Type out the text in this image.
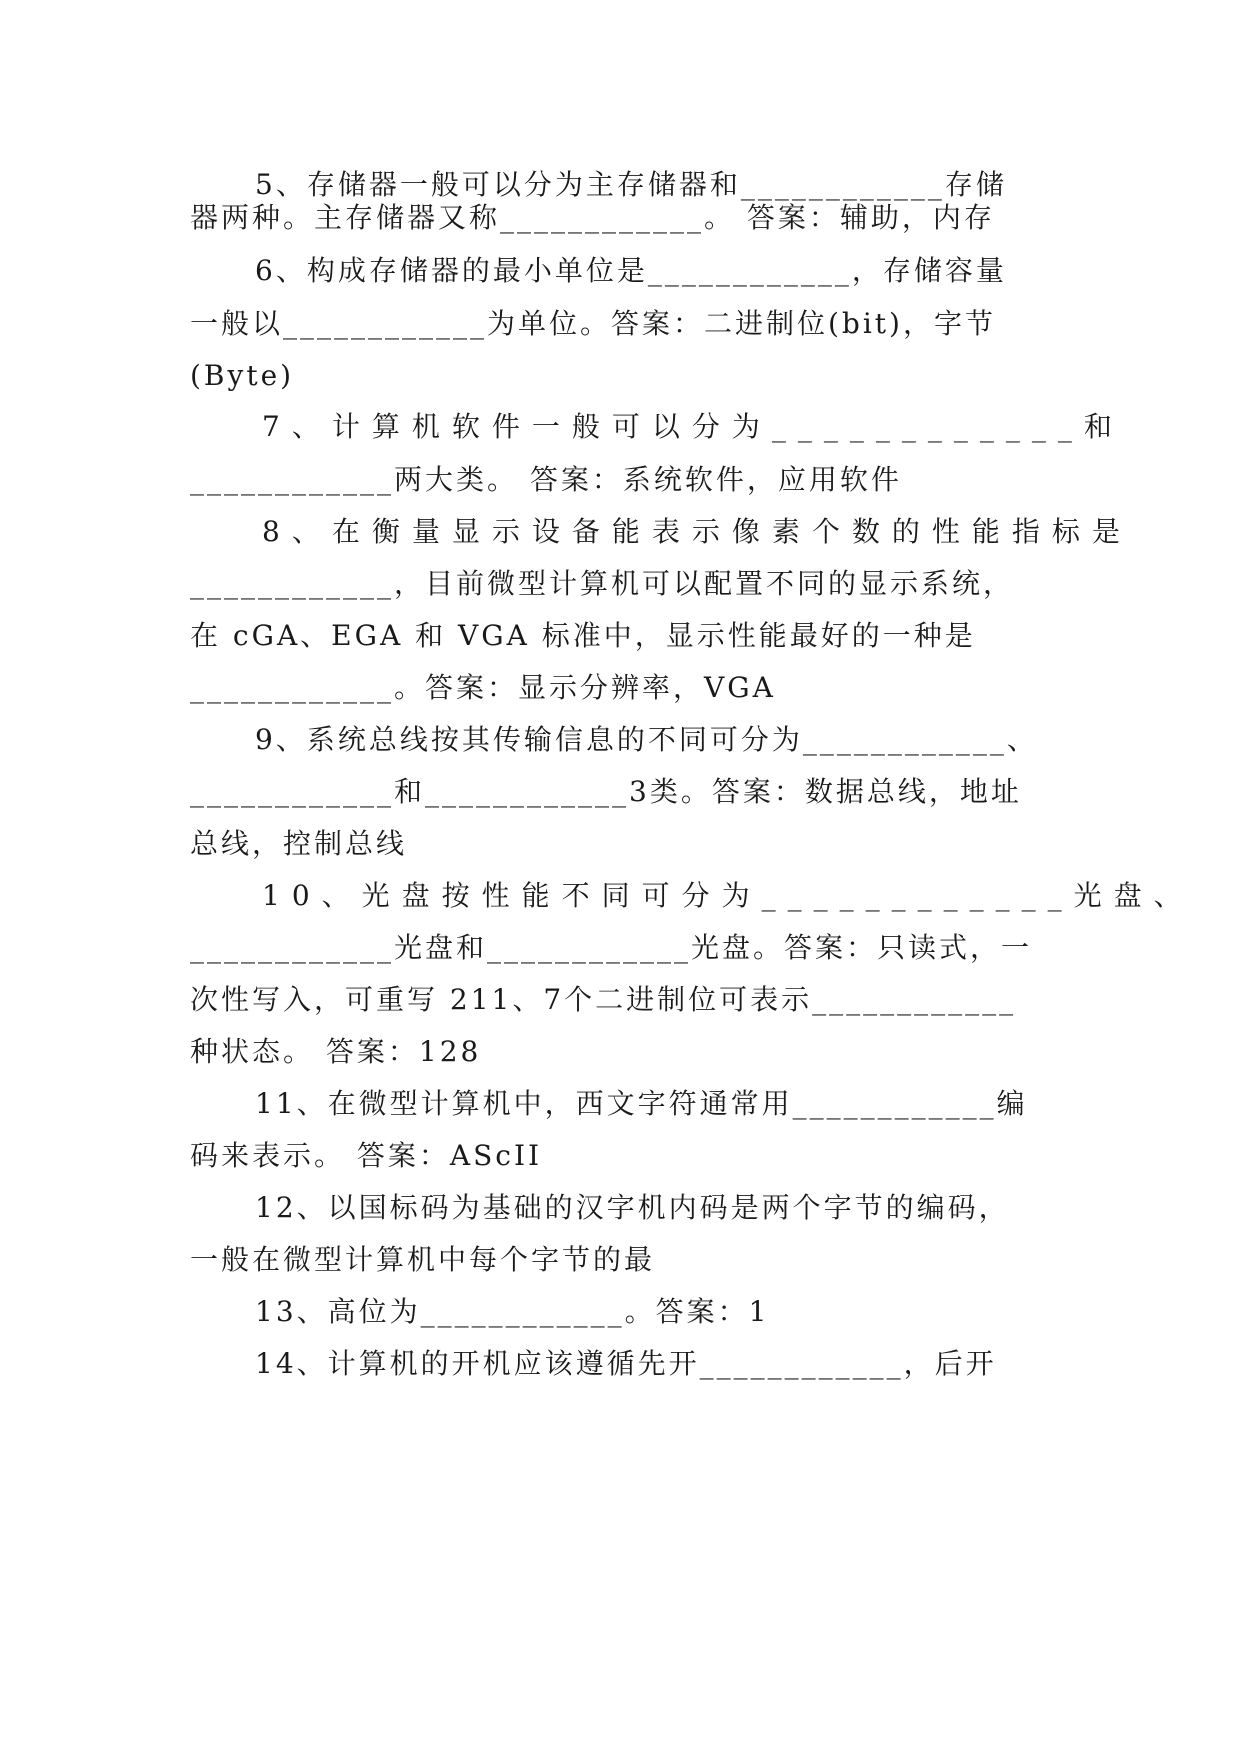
5、存储器一般可以分为主存储器和____________存储
器两种。主存储器又称____________。 答案：辅助，内存
6、构成存储器的最小单位是____________，存储容量
一般以____________为单位。答案：二进制位(bit)，字节
(Byte)
7、计算机软件一般可以分为____________和
____________两大类。 答案：系统软件，应用软件
8、在衡量显示设备能表示像素个数的性能指标是
____________，目前微型计算机可以配置不同的显示系统，
在 cGA、EGA 和 VGA 标准中，显示性能最好的一种是
____________。答案：显示分辨率，VGA
9、系统总线按其传输信息的不同可分为____________、
____________和____________3类。答案：数据总线，地址
总线，控制总线
10、光盘按性能不同可分为____________光盘、
____________光盘和____________光盘。答案：只读式，一
次性写入，可重写 211、7个二进制位可表示____________
种状态。 答案：128
11、在微型计算机中，西文字符通常用____________编
码来表示。 答案：AScII
12、以国标码为基础的汉字机内码是两个字节的编码，
一般在微型计算机中每个字节的最
13、高位为____________。答案：1
14、计算机的开机应该遵循先开____________，后开
